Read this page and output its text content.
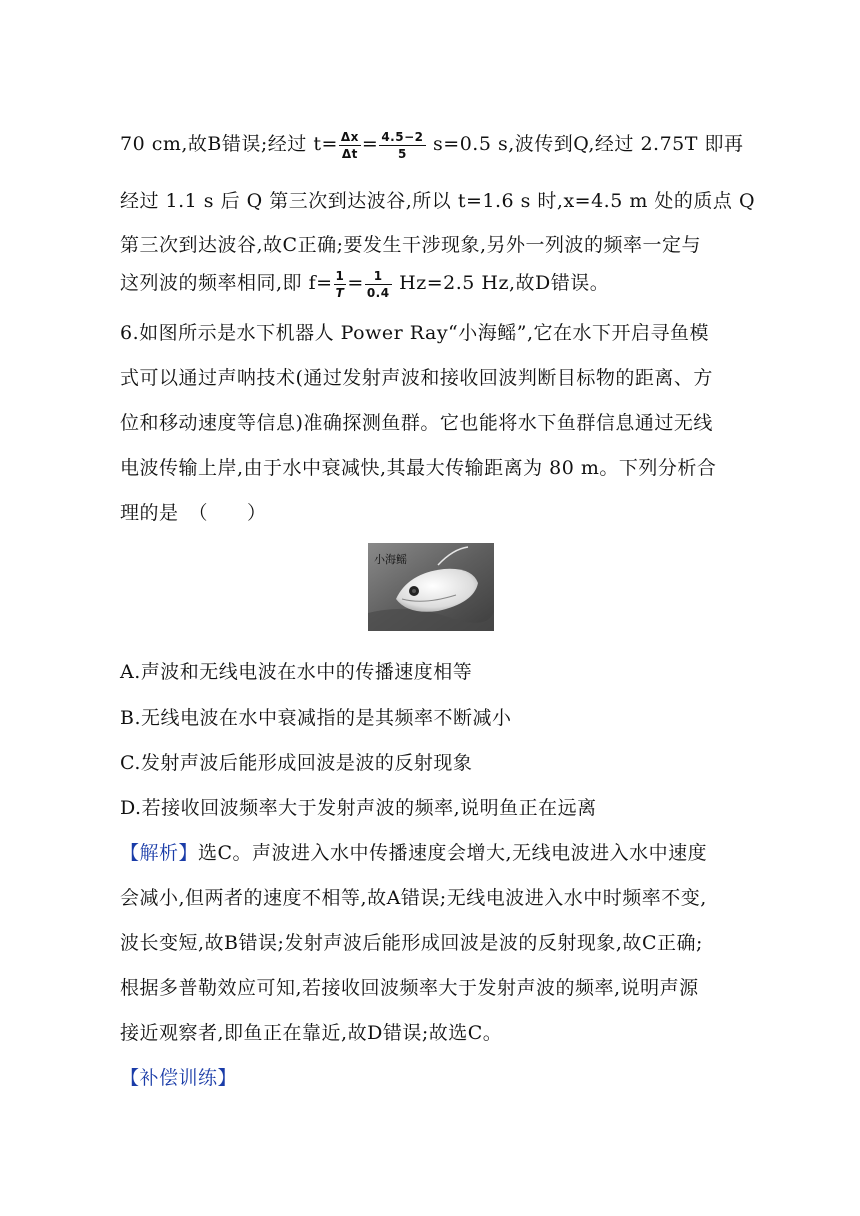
70 cm,故B错误;经过 $t= \frac{\Delta x}{\Delta t} = \frac{4.5-2}{5} s=0.5$ s,波传到Q,经过 2.75T 即再
经过 1.1 s 后 Q 第三次到达波谷,所以 t=1.6 s 时,x=4.5 m 处的质点 Q
第三次到达波谷,故C正确;要发生干涉现象,另外一列波的频率一定与
这列波的频率相同,即 $f= \frac{1}{T} = \frac{1}{0.4} Hz=2.5$ Hz,故D错误。
6.如图所示是水下机器人 Power Ray“小海鳐”,它在水下开启寻鱼模
式可以通过声呐技术(通过发射声波和接收回波判断目标物的距离、方
位和移动速度等信息)准确探测鱼群。它也能将水下鱼群信息通过无线
电波传输上岸,由于水中衰减快,其最大传输距离为 80 m。下列分析合
理的是　（　　）
小海鳐
A.声波和无线电波在水中的传播速度相等
B.无线电波在水中衰减指的是其频率不断减小
C.发射声波后能形成回波是波的反射现象
D.若接收回波频率大于发射声波的频率,说明鱼正在远离
【解析】选C。声波进入水中传播速度会增大,无线电波进入水中速度
会减小,但两者的速度不相等,故A错误;无线电波进入水中时频率不变,
波长变短,故B错误;发射声波后能形成回波是波的反射现象,故C正确;
根据多普勒效应可知,若接收回波频率大于发射声波的频率,说明声源
接近观察者,即鱼正在靠近,故D错误;故选C。
【补偿训练】
